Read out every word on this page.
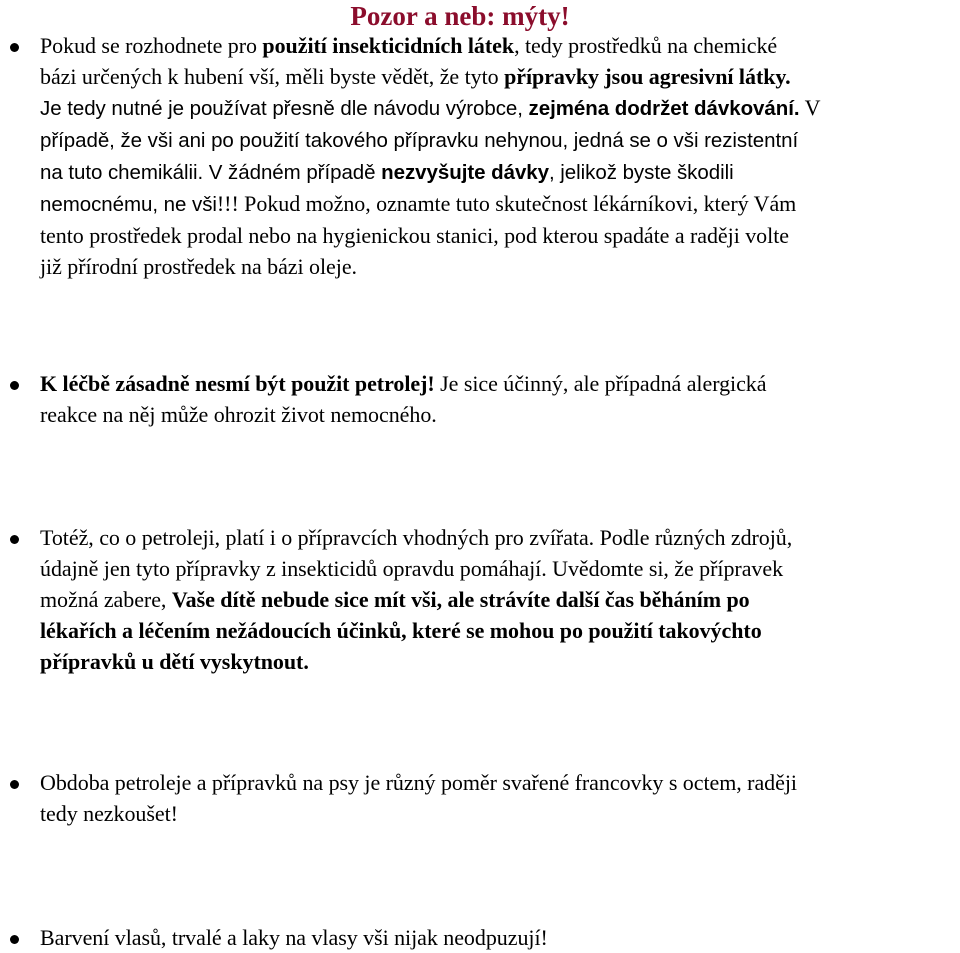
Pozor a neb: mýty!

Pokud se rozhodnete pro použití insekticidních látek, tedy prostředků na chemické

bázi určených k hubení vší, měli byste vědět, že tyto přípravky jsou agresivní látky.

Je tedy nutné je používat přesně dle návodu výrobce, zejména dodržet dávkování. V

případě, že vši ani po použití takového přípravku nehynou, jedná se o vši rezistentní

na tuto chemikálii. V žádném případě nezvyšujte dávky, jelikož byste škodili

nemocnému, ne vši!!! Pokud možno, oznamte tuto skutečnost lékárníkovi, který Vám

tento prostředek prodal nebo na hygienickou stanici, pod kterou spadáte a raději volte

již přírodní prostředek na bázi oleje.

K léčbě zásadně nesmí být použit petrolej! Je sice účinný, ale případná alergická

reakce na něj může ohrozit život nemocného.

Totéž, co o petroleji, platí i o přípravcích vhodných pro zvířata. Podle různých zdrojů,

údajně jen tyto přípravky z insekticidů opravdu pomáhají. Uvědomte si, že přípravek

možná zabere, Vaše dítě nebude sice mít vši, ale strávíte další čas běháním po

lékařích a léčením nežádoucích účinků, které se mohou po použití takovýchto

přípravků u dětí vyskytnout.

Obdoba petroleje a přípravků na psy je různý poměr svařené francovky s octem, raději

tedy nezkoušet!

Barvení vlasů, trvalé a laky na vlasy vši nijak neodpuzují!
